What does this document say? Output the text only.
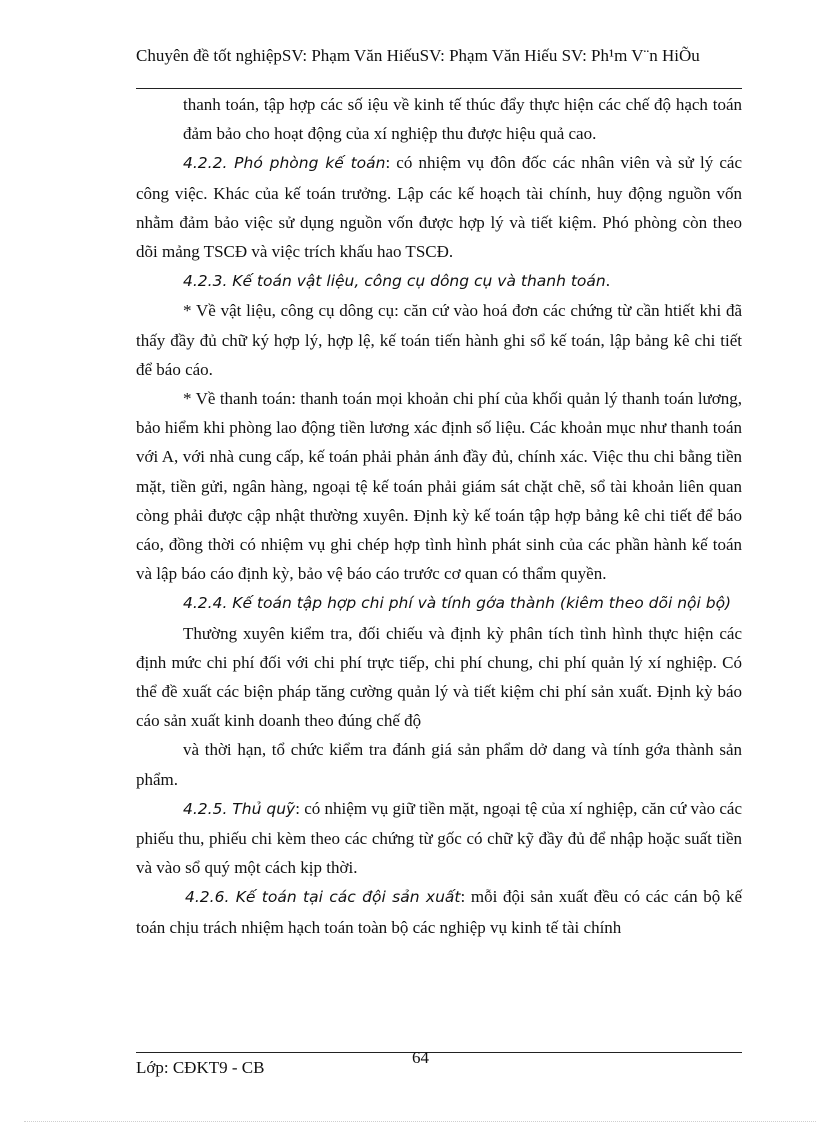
Chuyên đề tốt nghiệpSV: Phạm Văn HiếuSV: Phạm Văn Hiếu SV: Ph¹m V¨n HiÕu

thanh toán, tập hợp các số iệu về kinh tế thúc đẩy thực hiện các chế độ hạch toán đảm bảo cho hoạt động của xí nghiệp thu được hiệu quả cao.

4.2.2. Phó phòng kế toán: có nhiệm vụ đôn đốc các nhân viên và sử lý các công việc. Khác của kế toán trưởng. Lập các kế hoạch tài chính, huy động nguồn vốn nhằm đảm bảo việc sử dụng nguồn vốn được hợp lý và tiết kiệm. Phó phòng còn theo dõi mảng TSCĐ và việc trích khấu hao TSCĐ.

4.2.3. Kế toán vật liệu, công cụ dông cụ và thanh toán.

* Về vật liệu, công cụ dông cụ: căn cứ vào hoá đơn các chứng từ cần htiết khi đã thấy đầy đủ chữ ký hợp lý, hợp lệ, kế toán tiến hành ghi sổ kế toán, lập bảng kê chi tiết để báo cáo.

* Về thanh toán: thanh toán mọi khoản chi phí của khối quản lý thanh toán lương, bảo hiểm khi phòng lao động tiền lương xác định số liệu. Các khoản mục như thanh toán với A, với nhà cung cấp, kế toán phải phản ánh đầy đủ, chính xác. Việc thu chi bằng tiền mặt, tiền gửi, ngân hàng, ngoại tệ kế toán phải giám sát chặt chẽ, sổ tài khoản liên quan còng phải được cập nhật thường xuyên. Định kỳ kế toán tập hợp bảng kê chi tiết để báo cáo, đồng thời có nhiệm vụ ghi chép hợp tình hình phát sinh của các phần hành kế toán và lập báo cáo định kỳ, bảo vệ báo cáo trước cơ quan có thẩm quyền.

4.2.4. Kế toán tập hợp chi phí và tính gớa thành (kiêm theo dõi nội bộ)

Thường xuyên kiểm tra, đối chiếu và định kỳ phân tích tình hình thực hiện các định mức chi phí đối với chi phí trực tiếp, chi phí chung, chi phí quản lý xí nghiệp. Có thể đề xuất các biện pháp tăng cường quản lý và tiết kiệm chi phí sản xuất. Định kỳ báo cáo sản xuất kinh doanh theo đúng chế độ

và thời hạn, tổ chức kiểm tra đánh giá sản phẩm dở dang và tính gớa thành sản phẩm.

4.2.5. Thủ quỹ: có nhiệm vụ giữ tiền mặt, ngoại tệ của xí nghiệp, căn cứ vào các phiếu thu, phiếu chi kèm theo các chứng từ gốc có chữ kỹ đầy đủ để nhập hoặc suất tiền và vào sổ quý một cách kịp thời.

4.2.6. Kế toán tại các đội sản xuất: mỗi đội sản xuất đều có các cán bộ kế toán chịu trách nhiệm hạch toán toàn bộ các nghiệp vụ kinh tế tài chính

64
Lớp: CĐKT9 - CB
